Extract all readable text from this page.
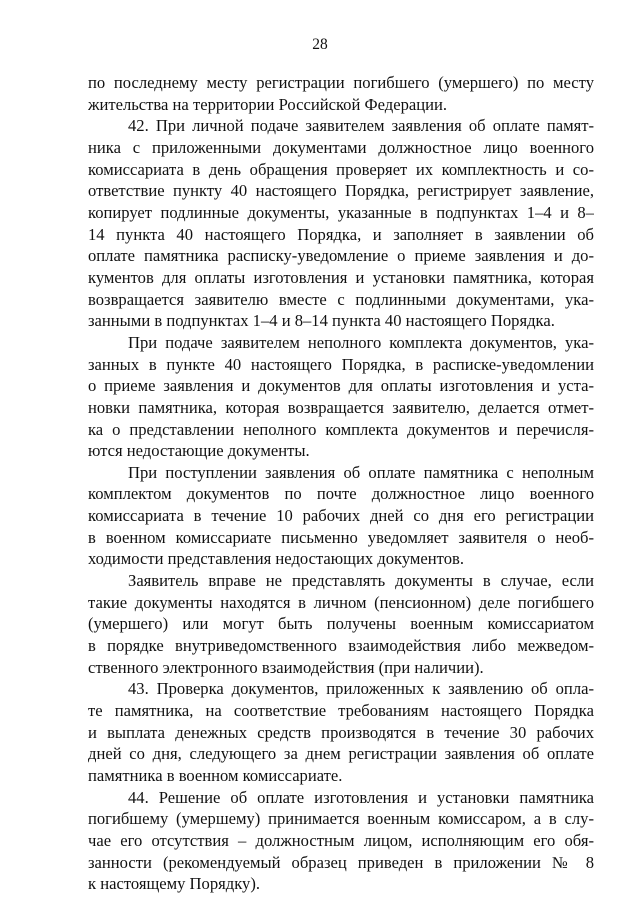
28
по последнему месту регистрации погибшего (умершего) по месту
жительства на территории Российской Федерации.
42. При личной подаче заявителем заявления об оплате памят-
ника с приложенными документами должностное лицо военного
комиссариата в день обращения проверяет их комплектность и со-
ответствие пункту 40 настоящего Порядка, регистрирует заявление,
копирует подлинные документы, указанные в подпунктах 1–4 и 8–
14 пункта 40 настоящего Порядка, и заполняет в заявлении об
оплате памятника расписку-уведомление о приеме заявления и до-
кументов для оплаты изготовления и установки памятника, которая
возвращается заявителю вместе с подлинными документами, ука-
занными в подпунктах 1–4 и 8–14 пункта 40 настоящего Порядка.
При подаче заявителем неполного комплекта документов, ука-
занных в пункте 40 настоящего Порядка, в расписке-уведомлении
о приеме заявления и документов для оплаты изготовления и уста-
новки памятника, которая возвращается заявителю, делается отмет-
ка о представлении неполного комплекта документов и перечисля-
ются недостающие документы.
При поступлении заявления об оплате памятника с неполным
комплектом документов по почте должностное лицо военного
комиссариата в течение 10 рабочих дней со дня его регистрации
в военном комиссариате письменно уведомляет заявителя о необ-
ходимости представления недостающих документов.
Заявитель вправе не представлять документы в случае, если
такие документы находятся в личном (пенсионном) деле погибшего
(умершего) или могут быть получены военным комиссариатом
в порядке внутриведомственного взаимодействия либо межведом-
ственного электронного взаимодействия (при наличии).
43. Проверка документов, приложенных к заявлению об опла-
те памятника, на соответствие требованиям настоящего Порядка
и выплата денежных средств производятся в течение 30 рабочих
дней со дня, следующего за днем регистрации заявления об оплате
памятника в военном комиссариате.
44. Решение об оплате изготовления и установки памятника
погибшему (умершему) принимается военным комиссаром, а в слу-
чае его отсутствия – должностным лицом, исполняющим его обя-
занности (рекомендуемый образец приведен в приложении № 8
к настоящему Порядку).
